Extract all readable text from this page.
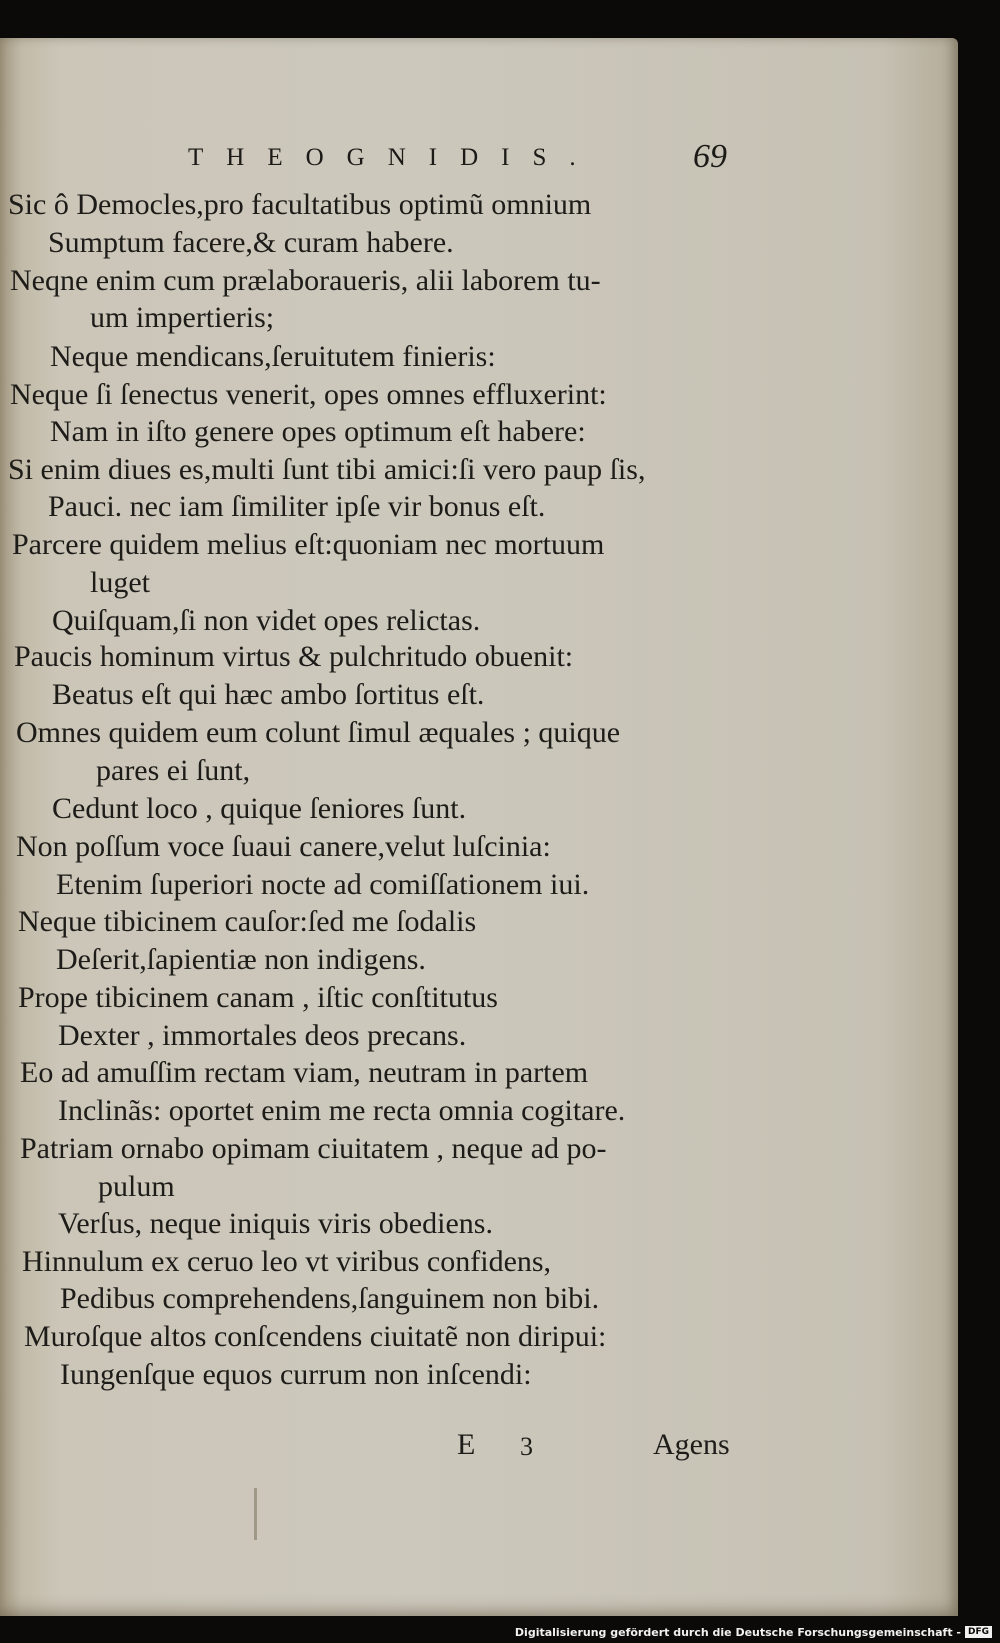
THEOGNIDIS.	69
Sic ô Democles,pro facultatibus optimũ omnium
Sumptum facere,& curam habere.
Neqne enim cum prælaboraueris, alii laborem tu-
um impertieris;
Neque mendicans,ſeruitutem finieris:
Neque ſi ſenectus venerit, opes omnes effluxerint:
Nam in iſto genere opes optimum eſt habere:
Si enim diues es,multi ſunt tibi amici:ſi vero paup ſis,
Pauci. nec iam ſimiliter ipſe vir bonus eſt.
Parcere quidem melius eſt:quoniam nec mortuum
luget
Quiſquam,ſi non videt opes relictas.
Paucis hominum virtus & pulchritudo obuenit:
Beatus eſt qui hæc ambo ſortitus eſt.
Omnes quidem eum colunt ſimul æquales ; quique
pares ei ſunt,
Cedunt loco , quique ſeniores ſunt.
Non poſſum voce ſuaui canere,velut luſcinia:
Etenim ſuperiori nocte ad comiſſationem iui.
Neque tibicinem cauſor:ſed me ſodalis
Deſerit,ſapientiæ non indigens.
Prope tibicinem canam , iſtic conſtitutus
Dexter , immortales deos precans.
Eo ad amuſſim rectam viam, neutram in partem
Inclinãs: oportet enim me recta omnia cogitare.
Patriam ornabo opimam ciuitatem , neque ad po-
pulum
Verſus, neque iniquis viris obediens.
Hinnulum ex ceruo leo vt viribus confidens,
Pedibus comprehendens,ſanguinem non bibi.
Muroſque altos conſcendens ciuitatẽ non diripui:
Iungenſque equos currum non inſcendi:
E 3	Agens
Digitalisierung gefördert durch die Deutsche Forschungsgemeinschaft - DFG
